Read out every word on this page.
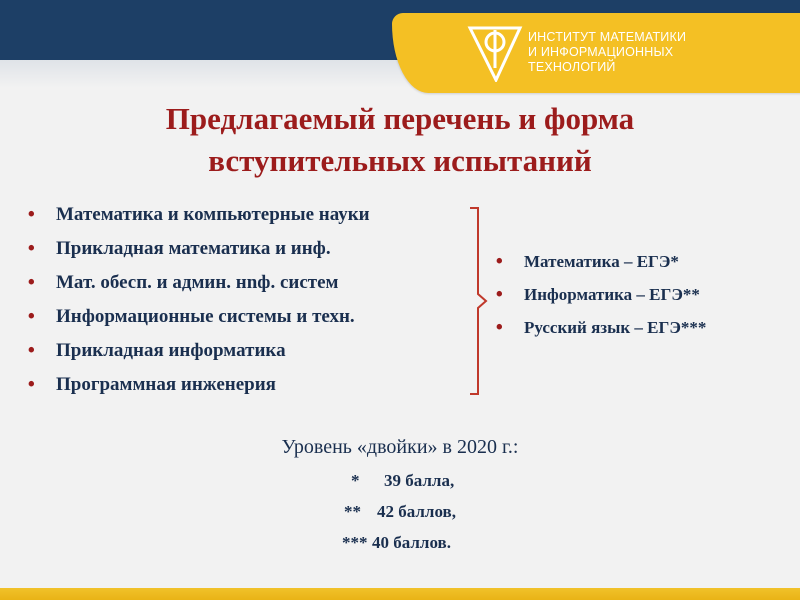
ИНСТИТУТ МАТЕМАТИКИ
И ИНФОРМАЦИОННЫХ
ТЕХНОЛОГИЙ
Предлагаемый перечень и форма
вступительных испытаний
• Математика и компьютерные науки
• Прикладная математика и инф.
• Мат. обесп. и админ. нnф. систем
• Информационные системы и техн.
• Прикладная информатика
• Программная инженерия
• Математика – ЕГЭ*
• Информатика – ЕГЭ**
• Русский язык – ЕГЭ***
Уровень «двойки» в 2020 г.:
* 39 балла,
** 42 баллов,
*** 40 баллов.
